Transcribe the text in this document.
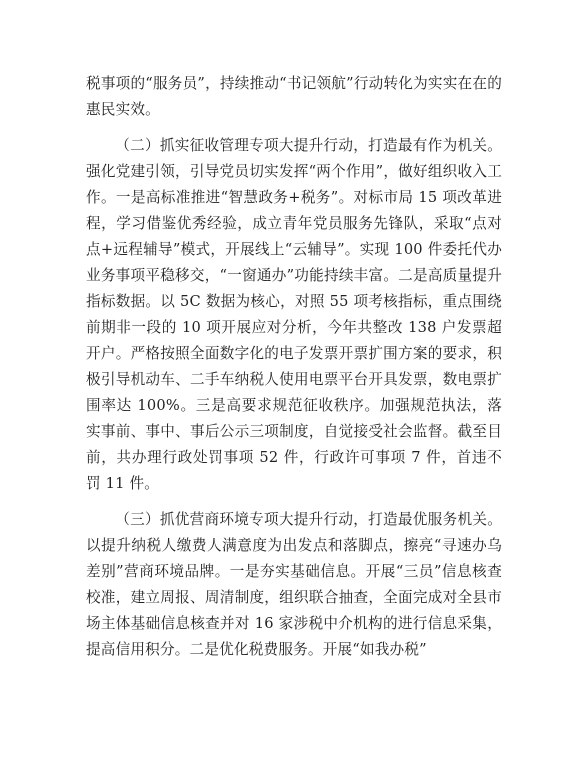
税事项的“服务员”，持续推动“书记领航”行动转化为实实在在的惠民实效。

（二）抓实征收管理专项大提升行动，打造最有作为机关。强化党建引领，引导党员切实发挥“两个作用”，做好组织收入工作。一是高标准推进“智慧政务+税务”。对标市局 15 项改革进程，学习借鉴优秀经验，成立青年党员服务先锋队，采取“点对点+远程辅导”模式，开展线上“云辅导”。实现 100 件委托代办业务事项平稳移交，“一窗通办”功能持续丰富。二是高质量提升指标数据。以 5C 数据为核心，对照 55 项考核指标，重点围绕前期非一段的 10 项开展应对分析，今年共整改 138 户发票超开户。严格按照全面数字化的电子发票开票扩围方案的要求，积极引导机动车、二手车纳税人使用电票平台开具发票，数电票扩围率达 100%。三是高要求规范征收秩序。加强规范执法，落实事前、事中、事后公示三项制度，自觉接受社会监督。截至目前，共办理行政处罚事项 52 件，行政许可事项 7 件，首违不罚 11 件。

（三）抓优营商环境专项大提升行动，打造最优服务机关。以提升纳税人缴费人满意度为出发点和落脚点，擦亮“寻速办乌差别”营商环境品牌。一是夯实基础信息。开展“三员”信息核查校准，建立周报、周清制度，组织联合抽查，全面完成对全县市场主体基础信息核查并对 16 家涉税中介机构的进行信息采集，提高信用积分。二是优化税费服务。开展“如我办税”
